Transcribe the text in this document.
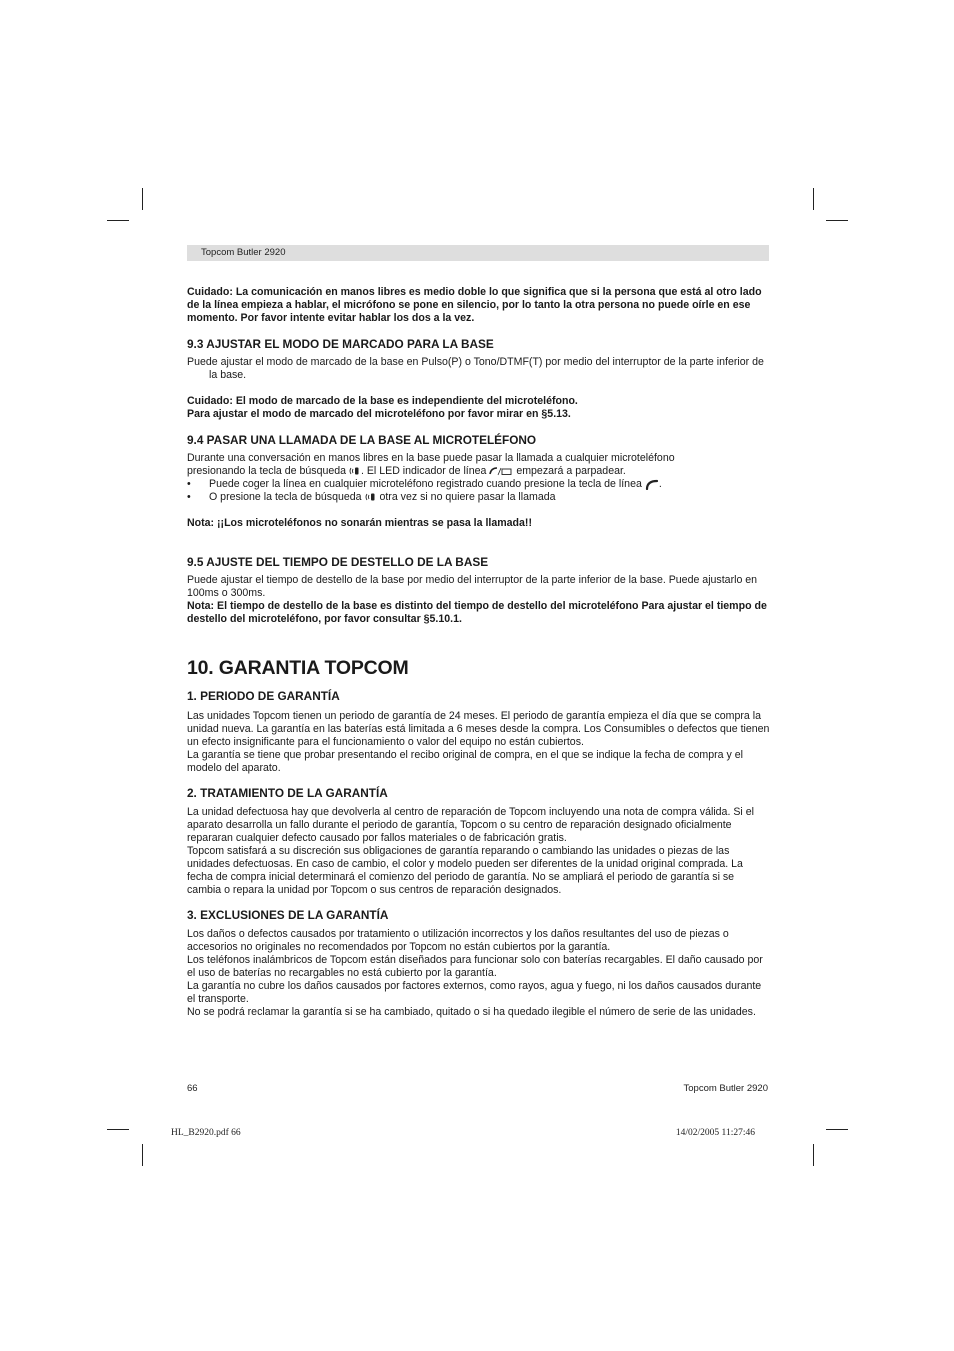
Topcom Butler 2920

Cuidado: La comunicación en manos libres es medio doble lo que significa que si la persona que está al otro lado de la línea empieza a hablar, el micrófono se pone en silencio, por lo tanto la otra persona no puede oírle en ese momento. Por favor intente evitar hablar los dos a la vez.

9.3 AJUSTAR EL MODO DE MARCADO PARA LA BASE

Puede ajustar el modo de marcado de la base en Pulso(P) o Tono/DTMF(T) por medio del interruptor de la parte inferior de la base.

Cuidado: El modo de marcado de la base es independiente del microteléfono.

Para ajustar el modo de marcado del microteléfono por favor mirar en §5.13.

9.4 PASAR UNA LLAMADA DE LA BASE AL MICROTELÉFONO

Durante una conversación en manos libres en la base puede pasar la llamada a cualquier microteléfono

presionando la tecla de búsqueda . El LED indicador de línea	empezará a parpadear.

• Puede coger la línea en cualquier microteléfono registrado cuando presione la tecla de línea .

• O presione la tecla de búsqueda otra vez si no quiere pasar la llamada

Nota: ¡¡Los microteléfonos no sonarán mientras se pasa la llamada!!

9.5 AJUSTE DEL TIEMPO DE DESTELLO DE LA BASE

Puede ajustar el tiempo de destello de la base por medio del interruptor de la parte inferior de la base. Puede ajustarlo en 100ms o 300ms.

Nota: El tiempo de destello de la base es distinto del tiempo de destello del microteléfono Para ajustar el tiempo de destello del microteléfono, por favor consultar §5.10.1.

10. GARANTIA TOPCOM

1. PERIODO DE GARANTÍA

Las unidades Topcom tienen un periodo de garantía de 24 meses. El periodo de garantía empieza el día que se compra la unidad nueva. La garantía en las baterías está limitada a 6 meses desde la compra. Los Consumibles o defectos que tienen un efecto insignificante para el funcionamiento o valor del equipo no están cubiertos.

La garantía se tiene que probar presentando el recibo original de compra, en el que se indique la fecha de compra y el modelo del aparato.

2. TRATAMIENTO DE LA GARANTÍA

La unidad defectuosa hay que devolverla al centro de reparación de Topcom incluyendo una nota de compra válida. Si el aparato desarrolla un fallo durante el periodo de garantía, Topcom o su centro de reparación designado oficialmente repararan cualquier defecto causado por fallos materiales o de fabricación gratis.

Topcom satisfará a su discreción sus obligaciones de garantía reparando o cambiando las unidades o piezas de las unidades defectuosas. En caso de cambio, el color y modelo pueden ser diferentes de la unidad original comprada. La fecha de compra inicial determinará el comienzo del periodo de garantía. No se ampliará el periodo de garantía si se cambia o repara la unidad por Topcom o sus centros de reparación designados.

3. EXCLUSIONES DE LA GARANTÍA

Los daños o defectos causados por tratamiento o utilización incorrectos y los daños resultantes del uso de piezas o accesorios no originales no recomendados por Topcom no están cubiertos por la garantía.

Los teléfonos inalámbricos de Topcom están diseñados para funcionar solo con baterías recargables. El daño causado por el uso de baterías no recargables no está cubierto por la garantía.

La garantía no cubre los daños causados por factores externos, como rayos, agua y fuego, ni los daños causados durante el transporte.

No se podrá reclamar la garantía si se ha cambiado, quitado o si ha quedado ilegible el número de serie de las unidades.

66	Topcom Butler 2920
HL_B2920.pdf 66	14/02/2005 11:27:46
